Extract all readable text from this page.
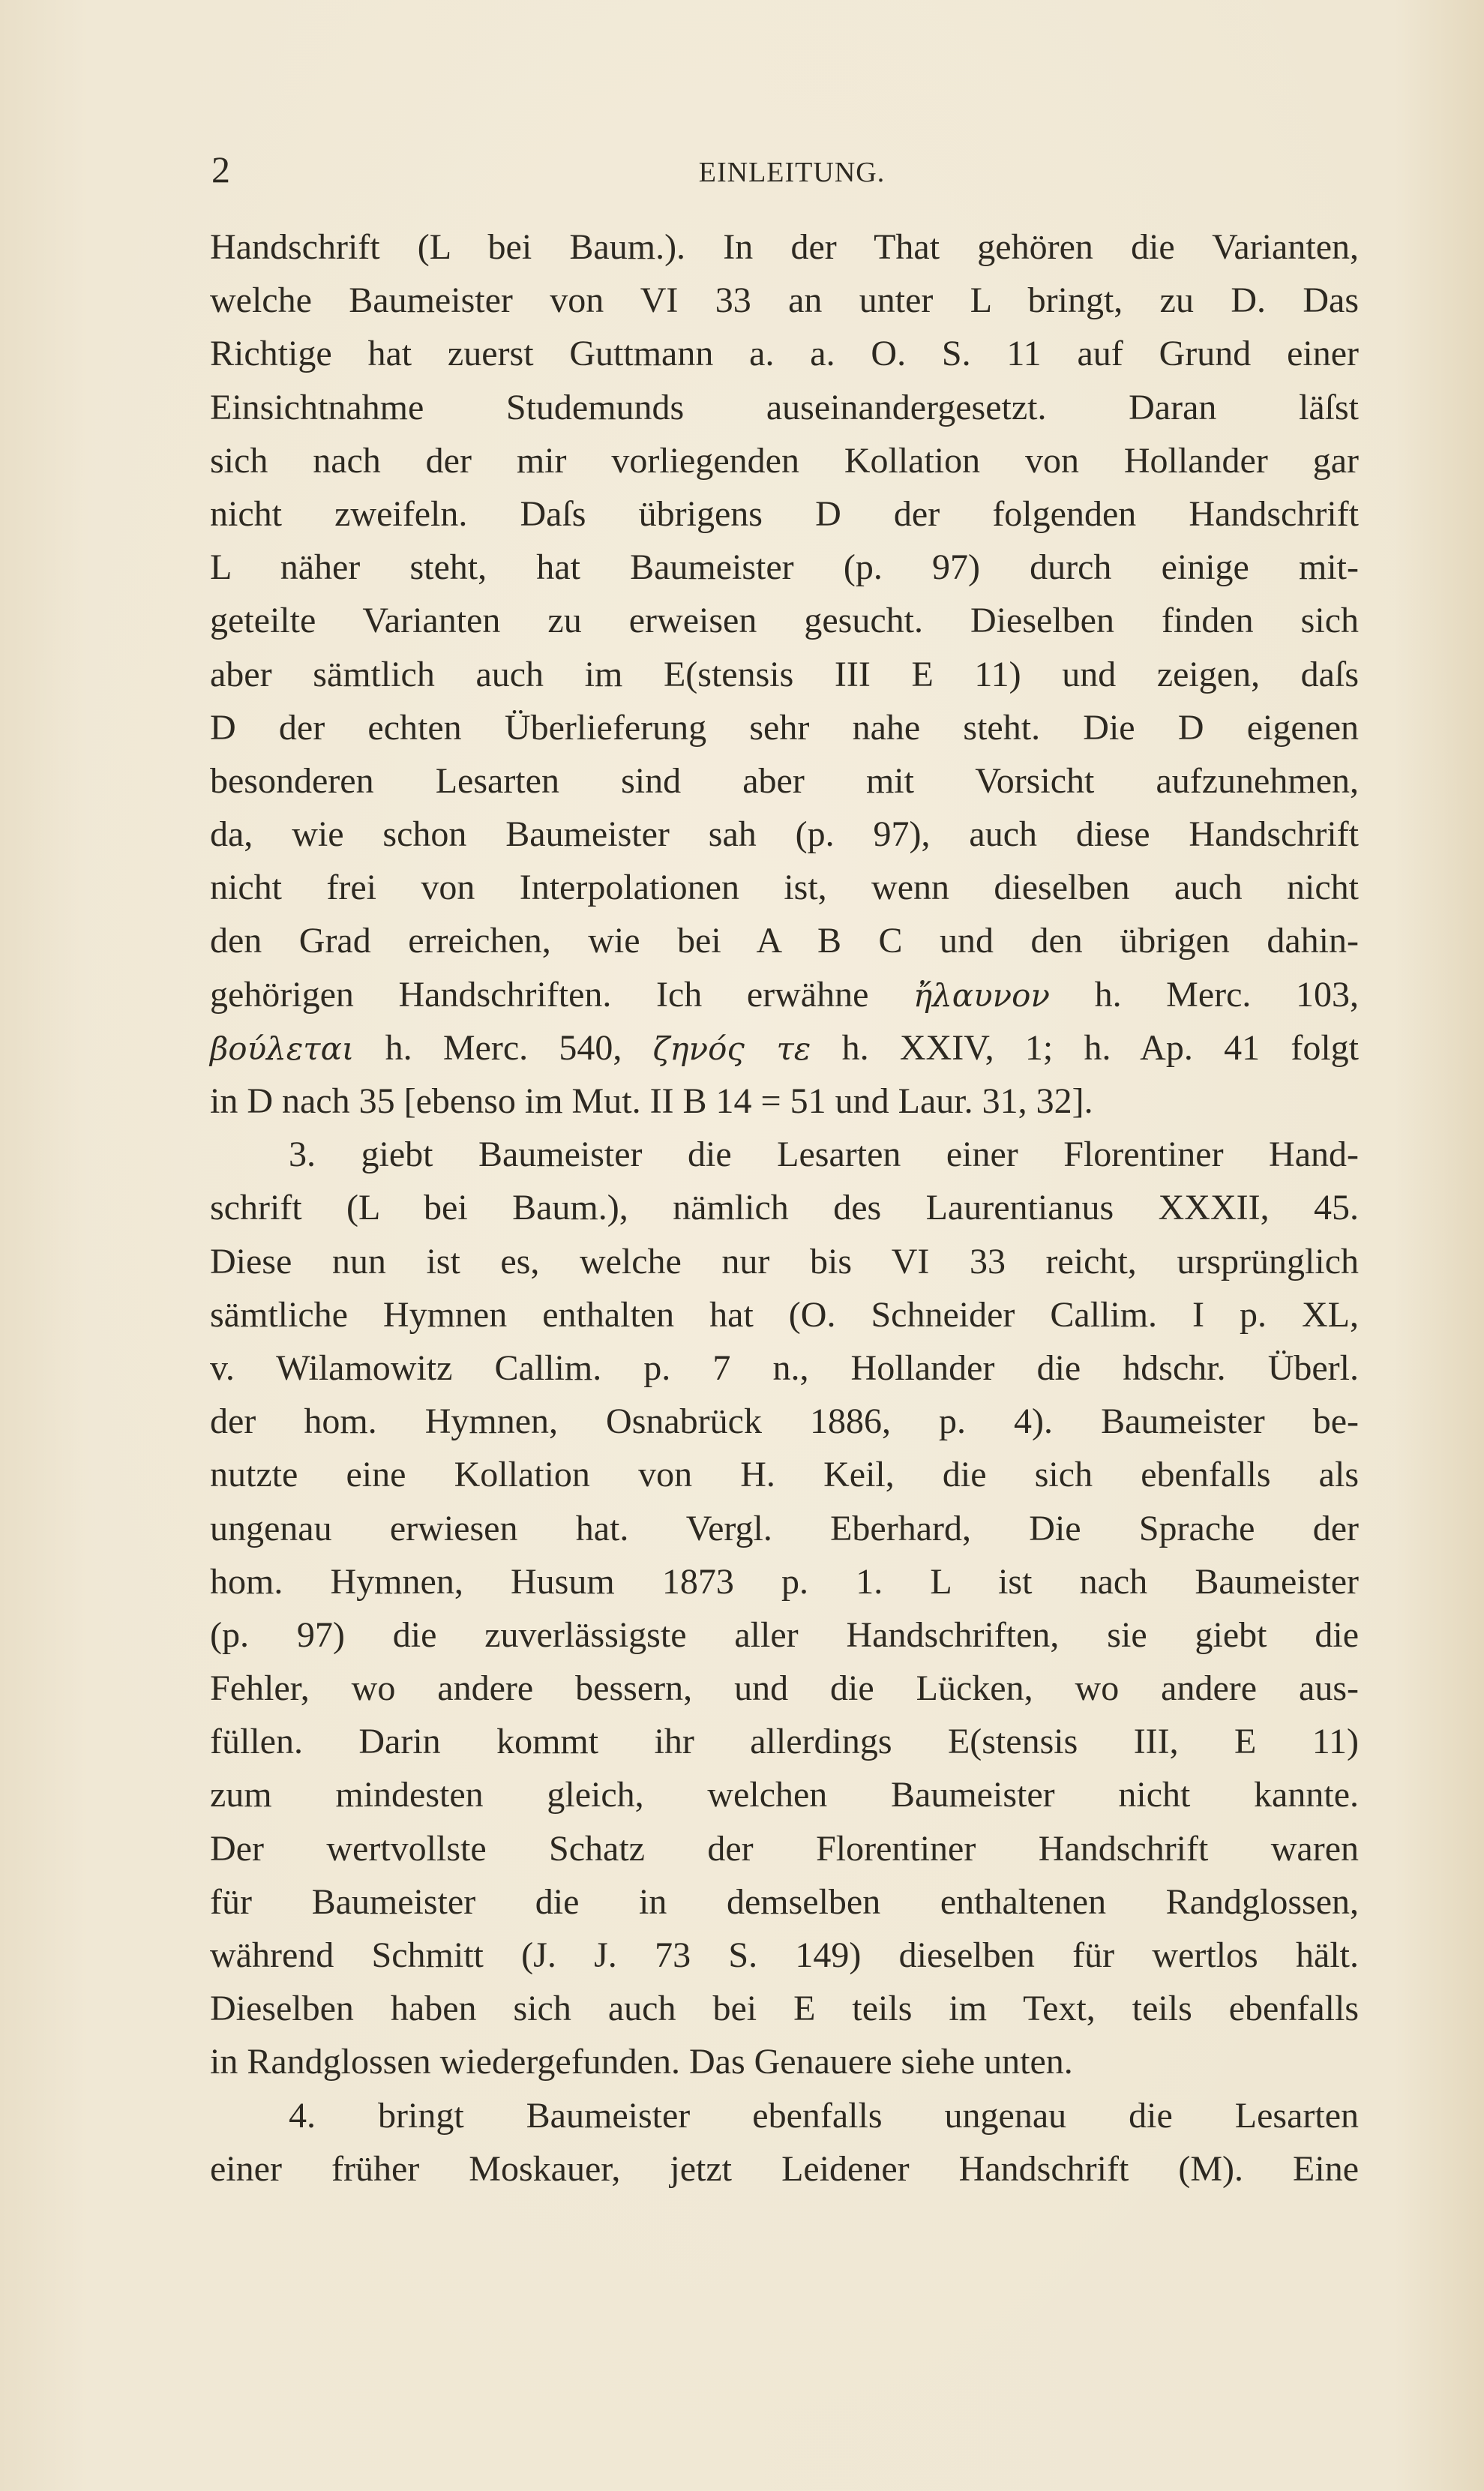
2	EINLEITUNG.
Handschrift (L bei Baum.). In der That gehören die Varianten,
welche Baumeister von VI 33 an unter L bringt, zu D. Das
Richtige hat zuerst Guttmann a. a. O. S. 11 auf Grund einer
Einsichtnahme Studemunds auseinandergesetzt. Daran läſst
sich nach der mir vorliegenden Kollation von Hollander gar
nicht zweifeln. Daſs übrigens D der folgenden Handschrift
L näher steht, hat Baumeister (p. 97) durch einige mit-
geteilte Varianten zu erweisen gesucht. Dieselben finden sich
aber sämtlich auch im E(stensis III E 11) und zeigen, daſs
D der echten Überlieferung sehr nahe steht. Die D eigenen
besonderen Lesarten sind aber mit Vorsicht aufzunehmen,
da, wie schon Baumeister sah (p. 97), auch diese Handschrift
nicht frei von Interpolationen ist, wenn dieselben auch nicht
den Grad erreichen, wie bei A B C und den übrigen dahin-
gehörigen Handschriften. Ich erwähne ἤλαυνον h. Merc. 103,
βούλεται h. Merc. 540, ζηνός τε h. XXIV, 1; h. Ap. 41 folgt
in D nach 35 [ebenso im Mut. II B 14 = 51 und Laur. 31, 32].
3. giebt Baumeister die Lesarten einer Florentiner Hand-
schrift (L bei Baum.), nämlich des Laurentianus XXXII, 45.
Diese nun ist es, welche nur bis VI 33 reicht, ursprünglich
sämtliche Hymnen enthalten hat (O. Schneider Callim. I p. XL,
v. Wilamowitz Callim. p. 7 n., Hollander die hdschr. Überl.
der hom. Hymnen, Osnabrück 1886, p. 4). Baumeister be-
nutzte eine Kollation von H. Keil, die sich ebenfalls als
ungenau erwiesen hat. Vergl. Eberhard, Die Sprache der
hom. Hymnen, Husum 1873 p. 1. L ist nach Baumeister
(p. 97) die zuverlässigste aller Handschriften, sie giebt die
Fehler, wo andere bessern, und die Lücken, wo andere aus-
füllen. Darin kommt ihr allerdings E(stensis III, E 11)
zum mindesten gleich, welchen Baumeister nicht kannte.
Der wertvollste Schatz der Florentiner Handschrift waren
für Baumeister die in demselben enthaltenen Randglossen,
während Schmitt (J. J. 73 S. 149) dieselben für wertlos hält.
Dieselben haben sich auch bei E teils im Text, teils ebenfalls
in Randglossen wiedergefunden. Das Genauere siehe unten.
4. bringt Baumeister ebenfalls ungenau die Lesarten
einer früher Moskauer, jetzt Leidener Handschrift (M). Eine
